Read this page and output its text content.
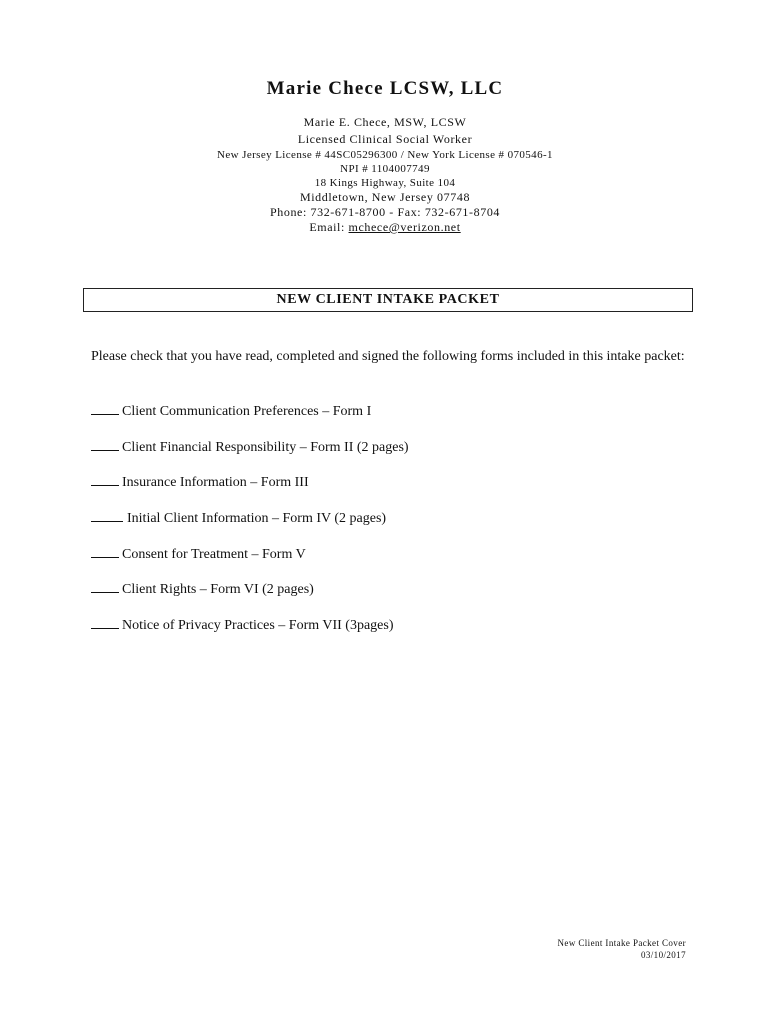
Marie Chece LCSW, LLC
Marie E. Chece, MSW, LCSW
Licensed Clinical Social Worker
New Jersey License # 44SC05296300 / New York License # 070546-1
NPI # 1104007749
18 Kings Highway, Suite 104
Middletown, New Jersey 07748
Phone: 732-671-8700 - Fax: 732-671-8704
Email: mchece@verizon.net
NEW CLIENT INTAKE PACKET
Please check that you have read, completed and signed the following forms included in this intake packet:
Client Communication Preferences – Form I
Client Financial Responsibility – Form II (2 pages)
Insurance Information – Form III
Initial Client Information – Form IV (2 pages)
Consent for Treatment – Form V
Client Rights – Form VI (2 pages)
Notice of Privacy Practices – Form VII (3pages)
New Client Intake Packet Cover
03/10/2017
